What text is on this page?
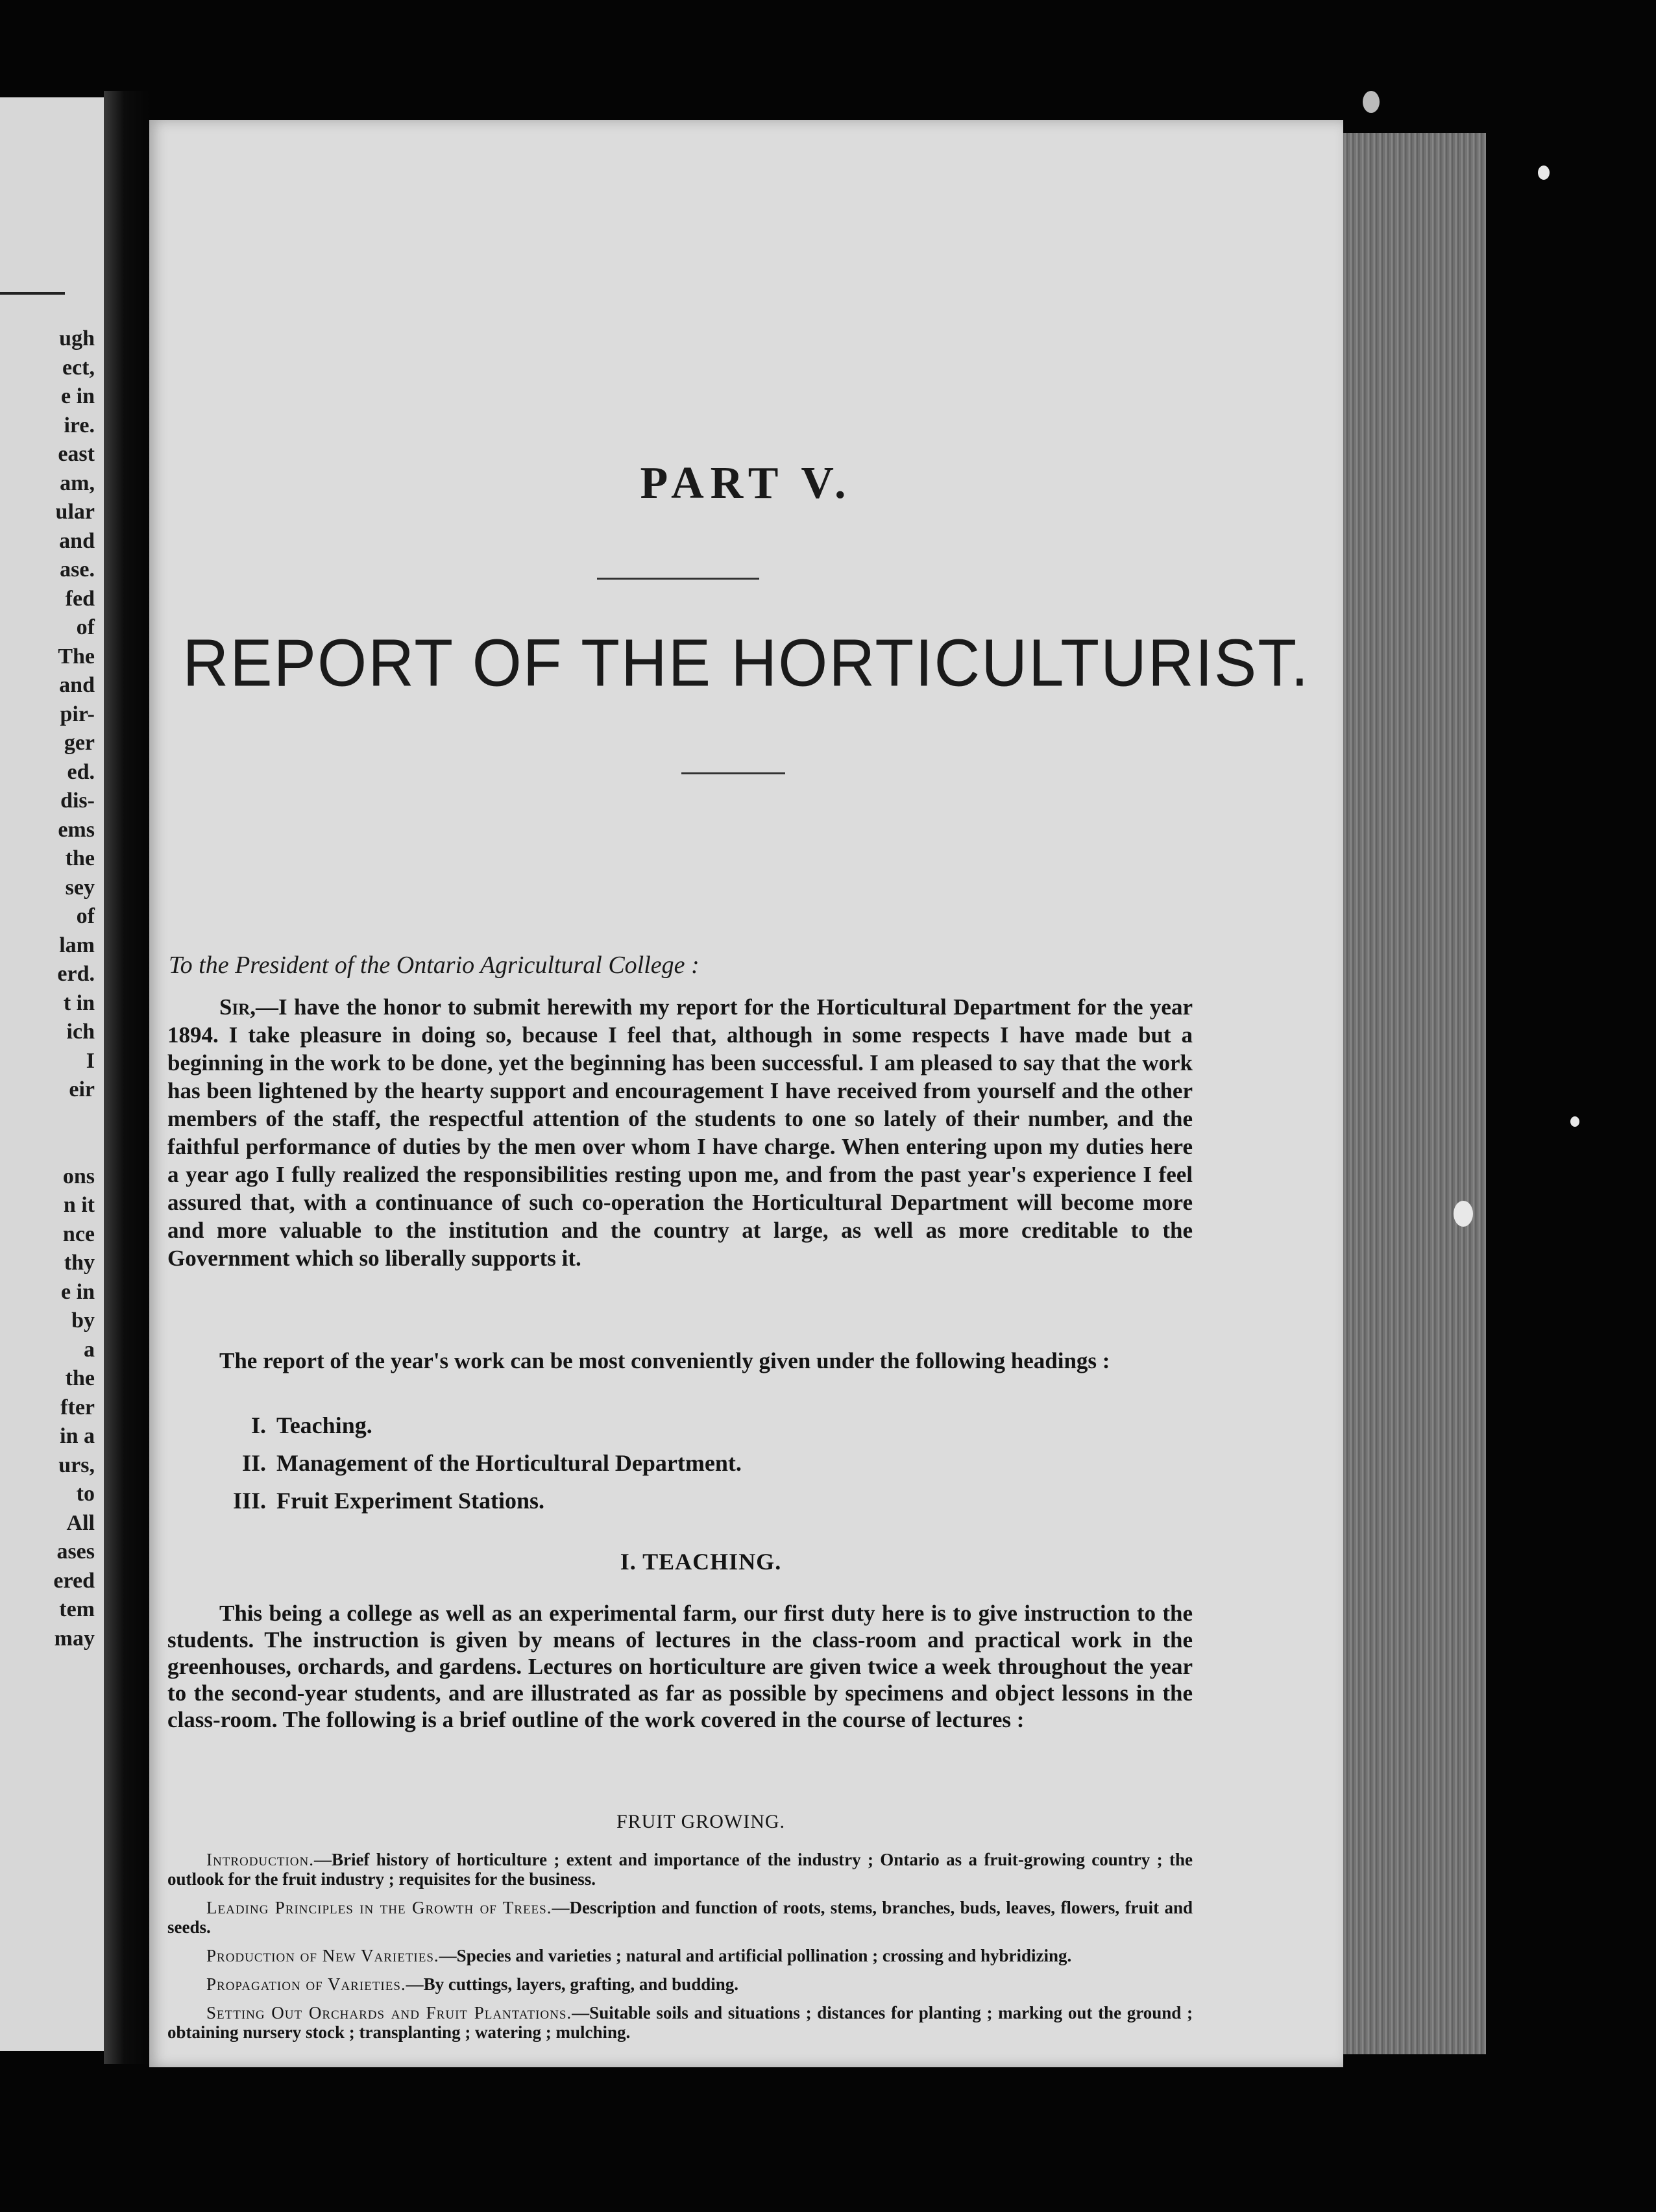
ugh
ect,
e in
ire.
east
am,
ular
and
ase.
fed
of
The
and
pir-
ger
ed.
dis-
ems
the
sey
of
lam
erd.
t in
ich
I
eir
ons
n it
nce
thy
e in
by
a
the
fter
in a
urs,
to
All
ases
ered
tem
may
PART V.
REPORT OF THE HORTICULTURIST.
To the President of the Ontario Agricultural College :
Sir,—I have the honor to submit herewith my report for the Horticultural Department for the year 1894. I take pleasure in doing so, because I feel that, although in some respects I have made but a beginning in the work to be done, yet the beginning has been successful. I am pleased to say that the work has been lightened by the hearty support and encouragement I have received from yourself and the other members of the staff, the respectful attention of the students to one so lately of their number, and the faithful performance of duties by the men over whom I have charge. When entering upon my duties here a year ago I fully realized the responsibilities resting upon me, and from the past year's experience I feel assured that, with a continuance of such co-operation the Horticultural Department will become more and more valuable to the institution and the country at large, as well as more creditable to the Government which so liberally supports it.
The report of the year's work can be most conveniently given under the following headings :
I. Teaching.
II. Management of the Horticultural Department.
III. Fruit Experiment Stations.
I. TEACHING.
This being a college as well as an experimental farm, our first duty here is to give instruction to the students. The instruction is given by means of lectures in the class-room and practical work in the greenhouses, orchards, and gardens. Lectures on horticulture are given twice a week throughout the year to the second-year students, and are illustrated as far as possible by specimens and object lessons in the class-room. The following is a brief outline of the work covered in the course of lectures :
FRUIT GROWING.
Introduction.—Brief history of horticulture ; extent and importance of the industry ; Ontario as a fruit-growing country ; the outlook for the fruit industry ; requisites for the business.
Leading Principles in the Growth of Trees.—Description and function of roots, stems, branches, buds, leaves, flowers, fruit and seeds.
Production of New Varieties.—Species and varieties ; natural and artificial pollination ; crossing and hybridizing.
Propagation of Varieties.—By cuttings, layers, grafting, and budding.
Setting Out Orchards and Fruit Plantations.—Suitable soils and situations ; distances for planting ; marking out the ground ; obtaining nursery stock ; transplanting ; watering ; mulching.
